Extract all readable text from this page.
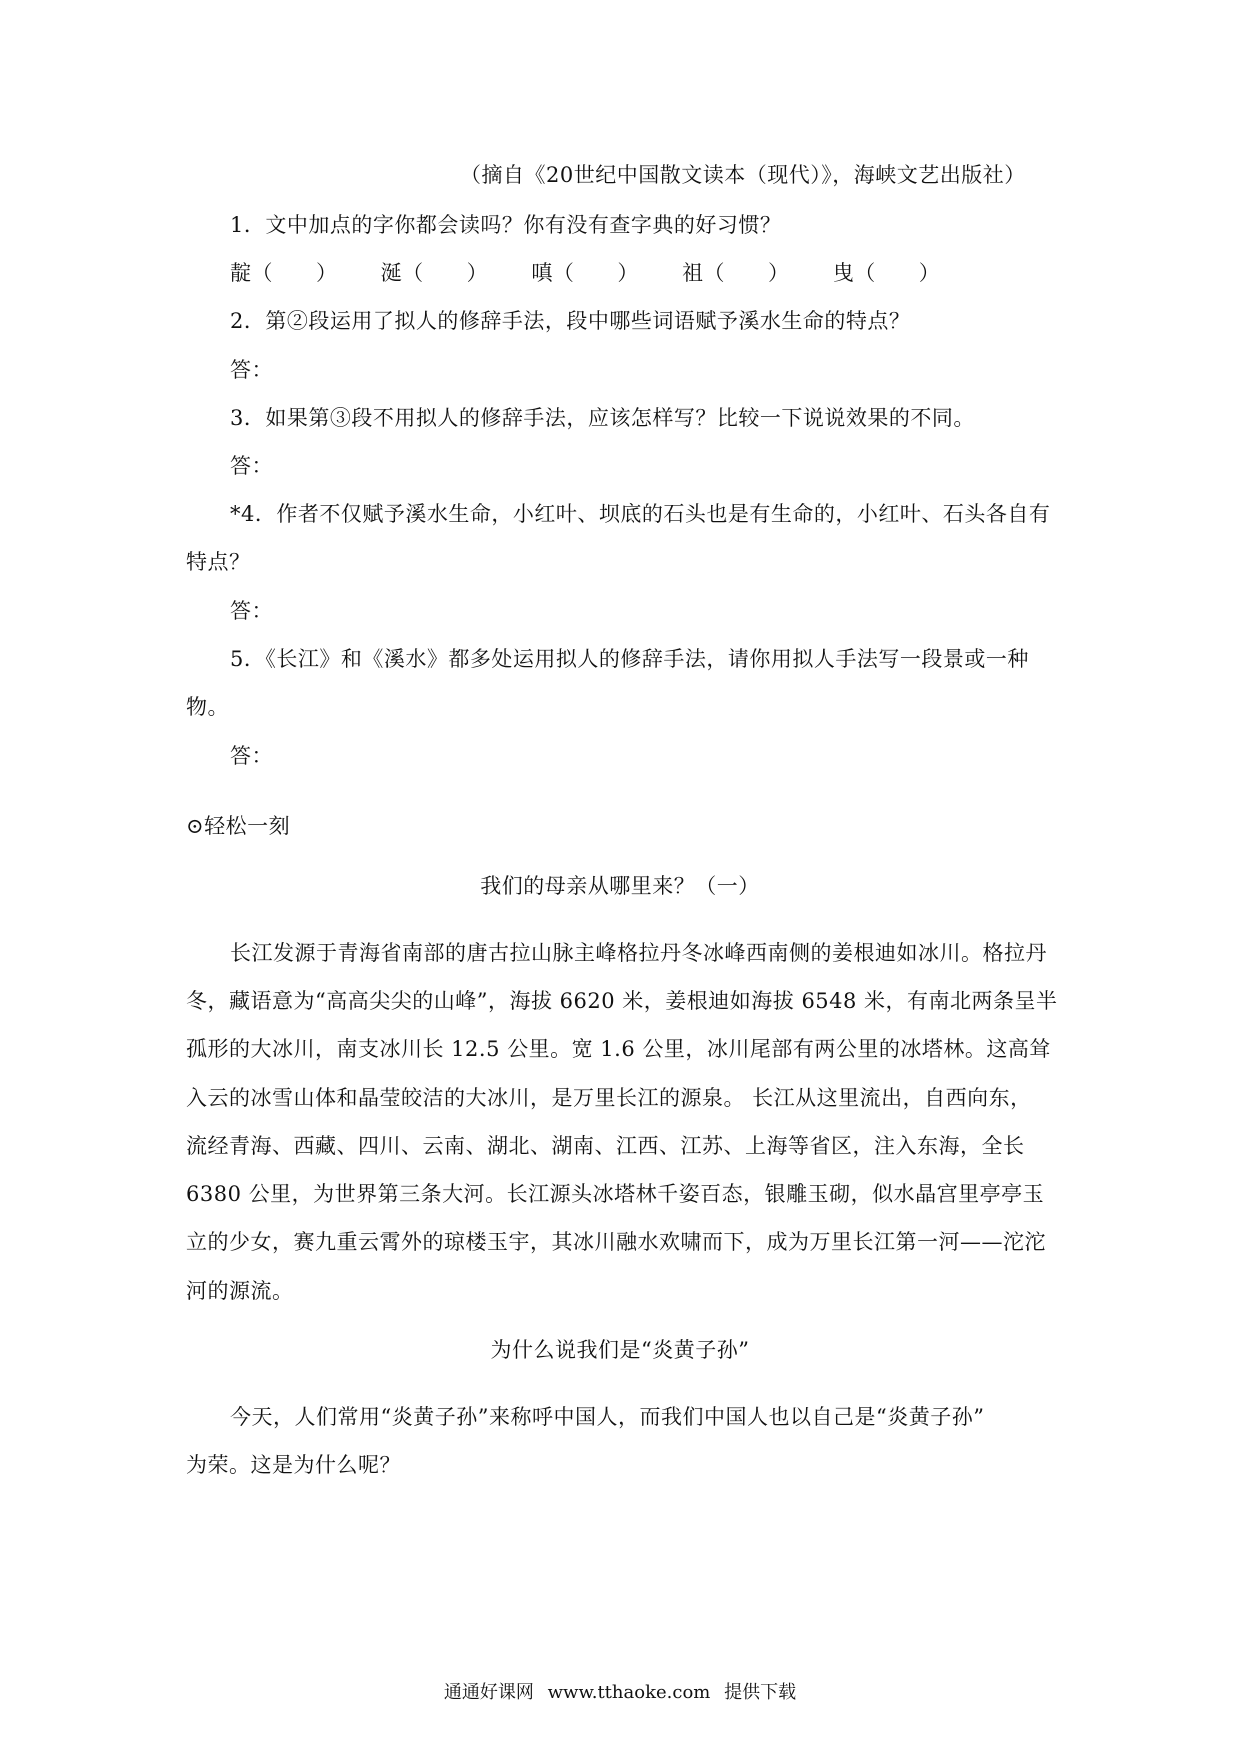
（摘自《20世纪中国散文读本（现代）》，海峡文艺出版社）
1．文中加点的字你都会读吗？你有没有查字典的好习惯？
靛（　　） 涎（　　） 嗔（　　） 祖（　　） 曳（　　）
2．第②段运用了拟人的修辞手法，段中哪些词语赋予溪水生命的特点？
答：
3．如果第③段不用拟人的修辞手法，应该怎样写？比较一下说说效果的不同。
答：
*4．作者不仅赋予溪水生命，小红叶、坝底的石头也是有生命的，小红叶、石头各自有
特点？
答：
5．《长江》和《溪水》都多处运用拟人的修辞手法，请你用拟人手法写一段景或一种
物。
答：
⊙轻松一刻
我们的母亲从哪里来？（一）
长江发源于青海省南部的唐古拉山脉主峰格拉丹冬冰峰西南侧的姜根迪如冰川。格拉丹
冬，藏语意为“高高尖尖的山峰”，海拔 6620 米，姜根迪如海拔 6548 米，有南北两条呈半
孤形的大冰川，南支冰川长 12.5 公里。宽 1.6 公里，冰川尾部有两公里的冰塔林。这高耸
入云的冰雪山体和晶莹皎洁的大冰川，是万里长江的源泉。 长江从这里流出，自西向东，
流经青海、西藏、四川、云南、湖北、湖南、江西、江苏、上海等省区，注入东海，全长
6380 公里，为世界第三条大河。长江源头冰塔林千姿百态，银雕玉砌，似水晶宫里亭亭玉
立的少女，赛九重云霄外的琼楼玉宇，其冰川融水欢啸而下，成为万里长江第一河——沱沱
河的源流。
为什么说我们是“炎黄子孙”
今天，人们常用“炎黄子孙”来称呼中国人，而我们中国人也以自己是“炎黄子孙”
为荣。这是为什么呢？
通通好课网 www.tthaoke.com 提供下载
